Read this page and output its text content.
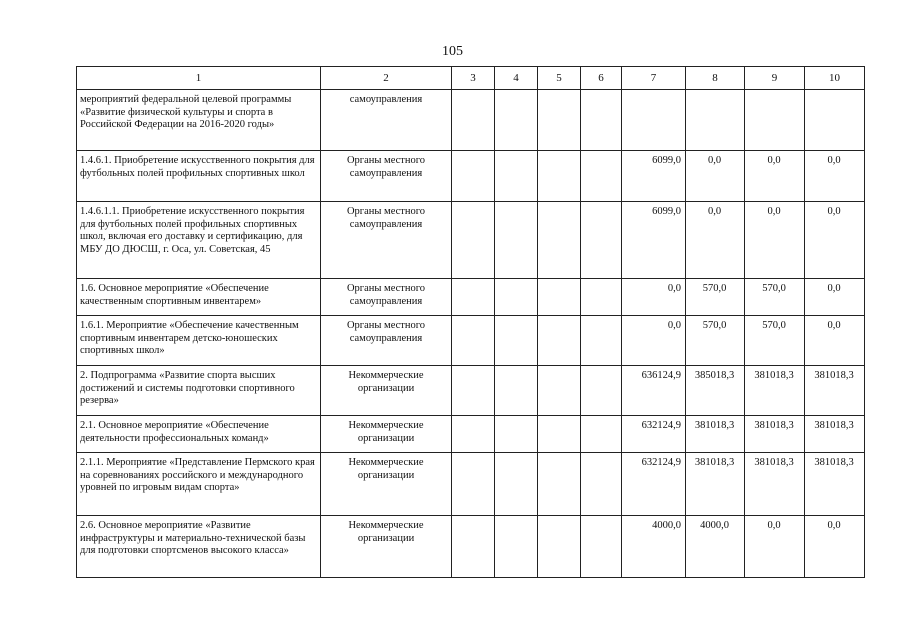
105
1	2	3	4	5	6	7	8	9	10
мероприятий федеральной целевой программы «Развитие физической культуры и спорта в Российской Федерации на 2016-2020 годы»	самоуправления								
1.4.6.1. Приобретение искусственного покрытия для футбольных полей профильных спортивных школ	Органы местного самоуправления					6099,0	0,0	0,0	0,0
1.4.6.1.1. Приобретение искусственного покрытия для футбольных полей профильных спортивных школ, включая его доставку и сертификацию, для МБУ ДО ДЮСШ, г. Оса, ул. Советская, 45	Органы местного самоуправления					6099,0	0,0	0,0	0,0
1.6. Основное мероприятие «Обеспечение качественным спортивным инвентарем»	Органы местного самоуправления					0,0	570,0	570,0	0,0
1.6.1. Мероприятие «Обеспечение качественным спортивным инвентарем детско-юношеских спортивных школ»	Органы местного самоуправления					0,0	570,0	570,0	0,0
2. Подпрограмма «Развитие спорта высших достижений и системы подготовки спортивного резерва»	Некоммерческие организации					636124,9	385018,3	381018,3	381018,3
2.1. Основное мероприятие «Обеспечение деятельности профессиональных команд»	Некоммерческие организации					632124,9	381018,3	381018,3	381018,3
2.1.1. Мероприятие «Представление Пермского края на соревнованиях российского и международного уровней по игровым видам спорта»	Некоммерческие организации					632124,9	381018,3	381018,3	381018,3
2.6. Основное мероприятие «Развитие инфраструктуры и материально-технической базы для подготовки спортсменов высокого класса»	Некоммерческие организации					4000,0	4000,0	0,0	0,0
